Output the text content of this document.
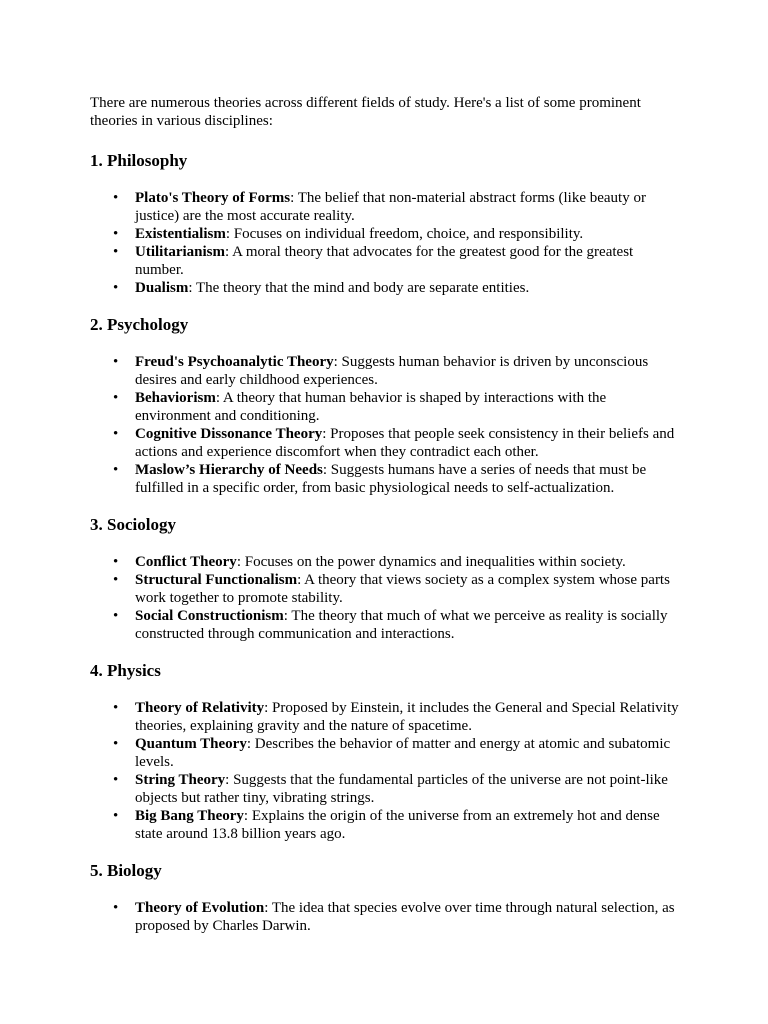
There are numerous theories across different fields of study. Here's a list of some prominent theories in various disciplines:

1. Philosophy
• Plato's Theory of Forms: The belief that non-material abstract forms (like beauty or justice) are the most accurate reality.
• Existentialism: Focuses on individual freedom, choice, and responsibility.
• Utilitarianism: A moral theory that advocates for the greatest good for the greatest number.
• Dualism: The theory that the mind and body are separate entities.
2. Psychology
• Freud's Psychoanalytic Theory: Suggests human behavior is driven by unconscious desires and early childhood experiences.
• Behaviorism: A theory that human behavior is shaped by interactions with the environment and conditioning.
• Cognitive Dissonance Theory: Proposes that people seek consistency in their beliefs and actions and experience discomfort when they contradict each other.
• Maslow’s Hierarchy of Needs: Suggests humans have a series of needs that must be fulfilled in a specific order, from basic physiological needs to self-actualization.
3. Sociology
• Conflict Theory: Focuses on the power dynamics and inequalities within society.
• Structural Functionalism: A theory that views society as a complex system whose parts work together to promote stability.
• Social Constructionism: The theory that much of what we perceive as reality is socially constructed through communication and interactions.
4. Physics
• Theory of Relativity: Proposed by Einstein, it includes the General and Special Relativity theories, explaining gravity and the nature of spacetime.
• Quantum Theory: Describes the behavior of matter and energy at atomic and subatomic levels.
• String Theory: Suggests that the fundamental particles of the universe are not point-like objects but rather tiny, vibrating strings.
• Big Bang Theory: Explains the origin of the universe from an extremely hot and dense state around 13.8 billion years ago.
5. Biology
• Theory of Evolution: The idea that species evolve over time through natural selection, as proposed by Charles Darwin.
